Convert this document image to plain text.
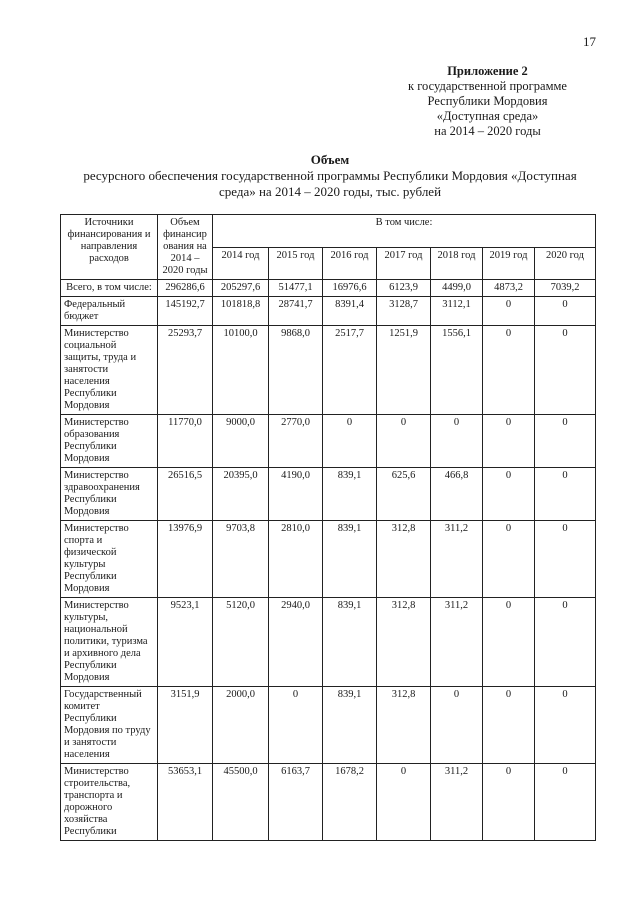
17
Приложение 2
к государственной программе
Республики Мордовия
«Доступная среда»
на 2014 – 2020 годы
Объем
ресурсного обеспечения государственной программы Республики Мордовия «Доступная
среда» на 2014 – 2020 годы, тыс. рублей
Источники финансирования и направления расходов	Объем финансир ования на 2014 – 2020 годы	В том числе:						
		2014 год	2015 год	2016 год	2017 год	2018 год	2019 год	2020 год
Всего, в том числе:	296286,6	205297,6	51477,1	16976,6	6123,9	4499,0	4873,2	7039,2
Федеральный бюджет	145192,7	101818,8	28741,7	8391,4	3128,7	3112,1	0	0
Министерство социальной защиты, труда и занятости населения Республики Мордовия	25293,7	10100,0	9868,0	2517,7	1251,9	1556,1	0	0
Министерство образования Республики Мордовия	11770,0	9000,0	2770,0	0	0	0	0	0
Министерство здравоохранения Республики Мордовия	26516,5	20395,0	4190,0	839,1	625,6	466,8	0	0
Министерство спорта и физической культуры Республики Мордовия	13976,9	9703,8	2810,0	839,1	312,8	311,2	0	0
Министерство культуры, национальной политики, туризма и архивного дела Республики Мордовия	9523,1	5120,0	2940,0	839,1	312,8	311,2	0	0
Государственный комитет Республики Мордовия по труду и занятости населения	3151,9	2000,0	0	839,1	312,8	0	0	0
Министерство строительства, транспорта и дорожного хозяйства Республики	53653,1	45500,0	6163,7	1678,2	0	311,2	0	0
